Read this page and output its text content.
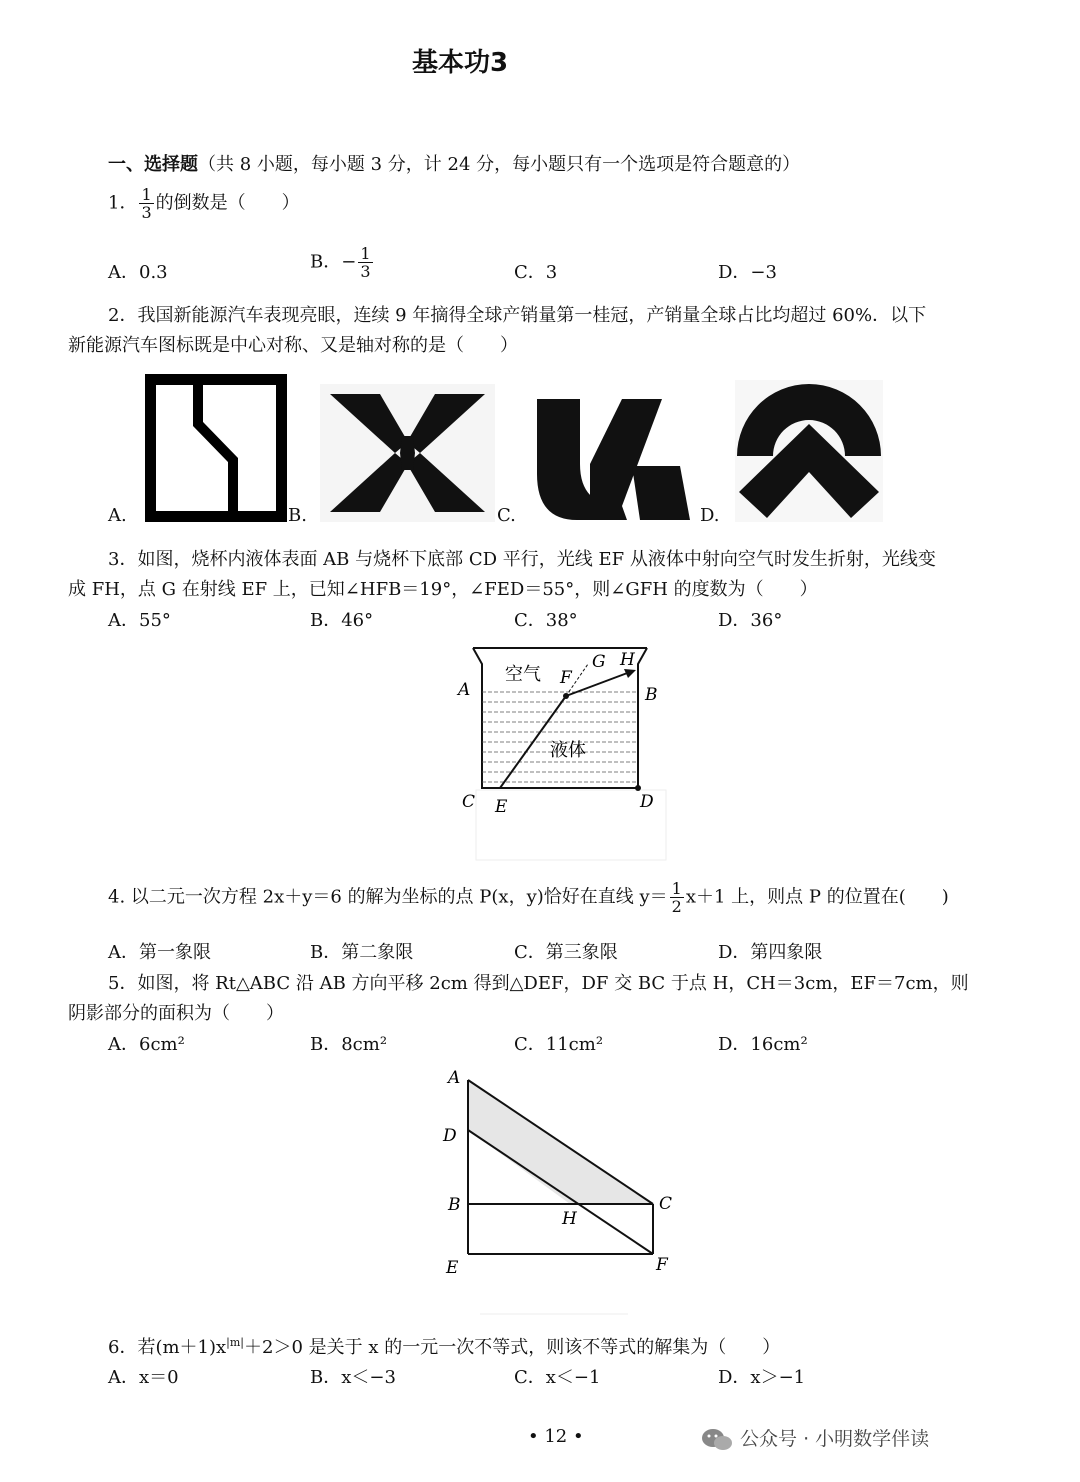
基本功3
一、选择题（共 8 小题，每小题 3 分，计 24 分，每小题只有一个选项是符合题意的）
1． $\frac{1}{3}$ 的倒数是（　　）
A．0.3	B．− $\frac{1}{3}$	C．3	D．−3
2．我国新能源汽车表现亮眼，连续 9 年摘得全球产销量第一桂冠，产销量全球占比均超过 60%．以下
新能源汽车图标既是中心对称、又是轴对称的是（　　）
A.	B.	C.	D.
3．如图，烧杯内液体表面 AB 与烧杯下底部 CD 平行，光线 EF 从液体中射向空气时发生折射，光线变
成 FH，点 G 在射线 EF 上，已知∠HFB＝19°，∠FED＝55°，则∠GFH 的度数为（　　）
A．55°	B．46°	C．38°	D．36°
空气
液体
A	B
C	D
E
F
G H
4. 以二元一次方程 2x＋y＝6 的解为坐标的点 P(x，y)恰好在直线 $y= \frac{1}{2} x+1$ 上，则点 P 的位置在(　　)
A．第一象限	B．第二象限	C．第三象限	D．第四象限
5．如图，将 Rt△ABC 沿 AB 方向平移 2cm 得到△DEF，DF 交 BC 于点 H，CH＝3cm，EF＝7cm，则
阴影部分的面积为（　　）
A．6cm²	B．8cm²	C．11cm²	D．16cm²
A
D
B	C
H
E	F
6．若$(m+1)x^{|m|}+2>0$ 是关于 x 的一元一次不等式，则该不等式的解集为（　　）
A．x＝0	B．x＜−3	C．x＜−1	D．x＞−1
• 12 •	公众号 · 小明数学伴读
